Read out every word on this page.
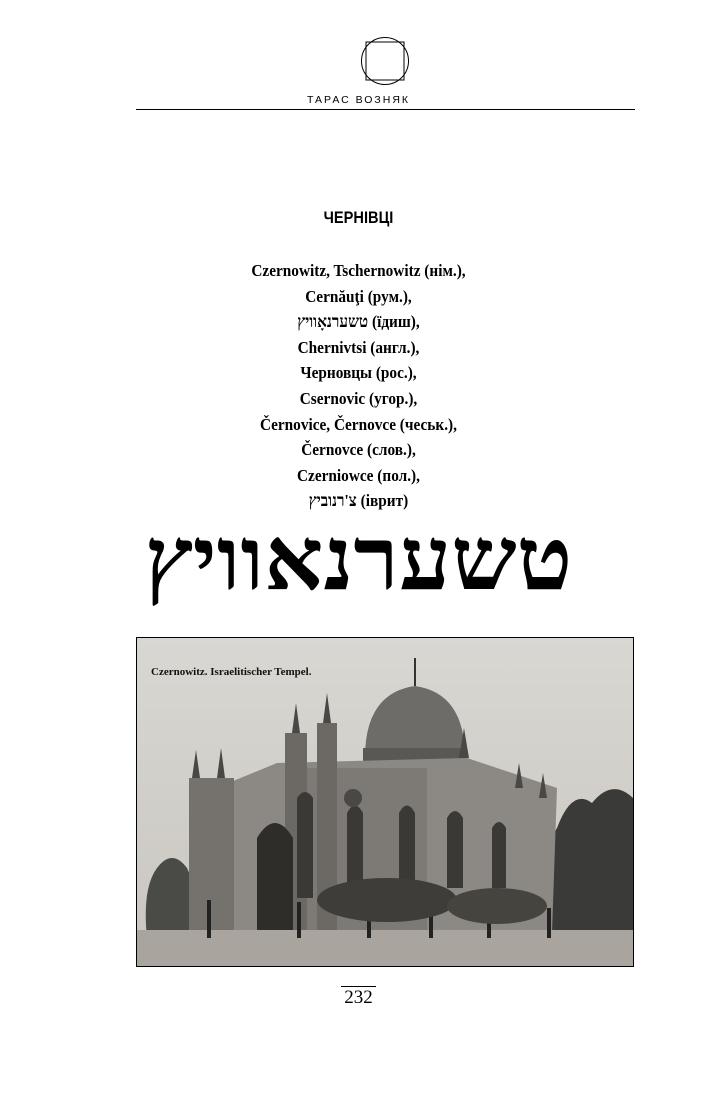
ТАРАС ВОЗНЯК
ЧЕРНІВЦІ
Czernowitz, Tschernowitz (нім.),
Cernăuţi (рум.),
טשערנאָוויץ (їдиш),
Chernivtsi (англ.),
Черновцы (рос.),
Csernovic (угор.),
Černovice, Černovce (чеськ.),
Černovce (слов.),
Czerniowce (пол.),
צ'רנוביץ (іврит)
טשערנאוויץ
Czernowitz. Israelitischer Tempel.
232
